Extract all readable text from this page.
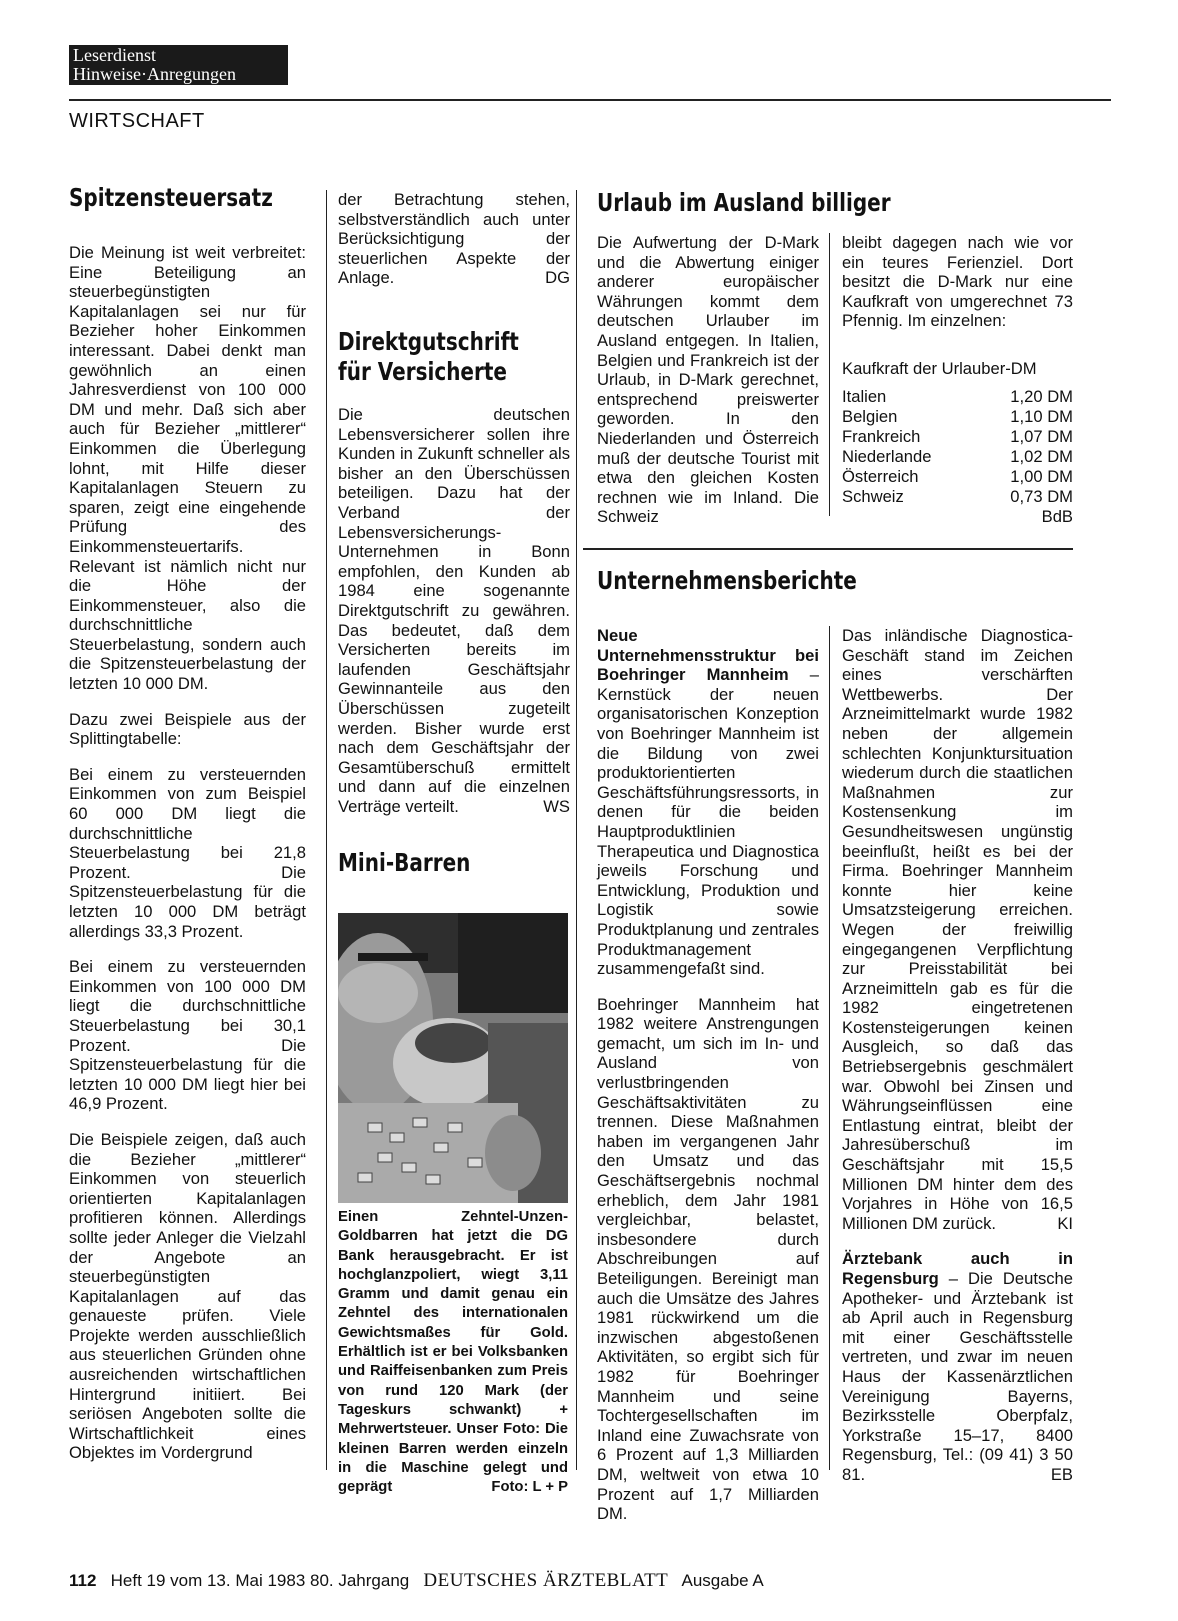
Leserdienst
Hinweise·Anregungen
WIRTSCHAFT
Spitzensteuersatz

Die Meinung ist weit verbreitet: Eine Beteiligung an steuerbegünstigten Kapitalanlagen sei nur für Bezieher hoher Einkommen interessant. Dabei denkt man gewöhnlich an einen Jahresverdienst von 100 000 DM und mehr. Daß sich aber auch für Bezieher „mittlerer“ Einkommen die Überlegung lohnt, mit Hilfe dieser Kapitalanlagen Steuern zu sparen, zeigt eine eingehende Prüfung des Einkommensteuertarifs. Relevant ist nämlich nicht nur die Höhe der Einkommensteuer, also die durchschnittliche Steuerbelastung, sondern auch die Spitzensteuerbelastung der letzten 10 000 DM.

Dazu zwei Beispiele aus der Splittingtabelle:

Bei einem zu versteuernden Einkommen von zum Beispiel 60 000 DM liegt die durchschnittliche Steuerbelastung bei 21,8 Prozent. Die Spitzensteuerbelastung für die letzten 10 000 DM beträgt allerdings 33,3 Prozent.

Bei einem zu versteuernden Einkommen von 100 000 DM liegt die durchschnittliche Steuerbelastung bei 30,1 Prozent. Die Spitzensteuerbelastung für die letzten 10 000 DM liegt hier bei 46,9 Prozent.

Die Beispiele zeigen, daß auch die Bezieher „mittlerer“ Einkommen von steuerlich orientierten Kapitalanlagen profitieren können. Allerdings sollte jeder Anleger die Vielzahl der Angebote an steuerbegünstigten Kapitalanlagen auf das genaueste prüfen. Viele Projekte werden ausschließlich aus steuerlichen Gründen ohne ausreichenden wirtschaftlichen Hintergrund initiiert. Bei seriösen Angeboten sollte die Wirtschaftlichkeit eines Objektes im Vordergrund

der Betrachtung stehen, selbstverständlich auch unter Berücksichtigung der steuerlichen Aspekte der Anlage.	DG
Direktgutschrift
für Versicherte
Die deutschen Lebensversicherer sollen ihre Kunden in Zukunft schneller als bisher an den Überschüssen beteiligen. Dazu hat der Verband der Lebensversicherungs-Unternehmen in Bonn empfohlen, den Kunden ab 1984 eine sogenannte Direktgutschrift zu gewähren. Das bedeutet, daß dem Versicherten bereits im laufenden Geschäftsjahr Gewinnanteile aus den Überschüssen zugeteilt werden. Bisher wurde erst nach dem Geschäftsjahr der Gesamtüberschuß ermittelt und dann auf die einzelnen Verträge verteilt.	WS
Mini-Barren
Einen Zehntel-Unzen-Goldbarren hat jetzt die DG Bank herausgebracht. Er ist hochglanzpoliert, wiegt 3,11 Gramm und damit genau ein Zehntel des internationalen Gewichtsmaßes für Gold. Erhältlich ist er bei Volksbanken und Raiffeisenbanken zum Preis von rund 120 Mark (der Tageskurs schwankt) + Mehrwertsteuer. Unser Foto: Die kleinen Barren werden einzeln in die Maschine gelegt und geprägt	Foto: L + P
Urlaub im Ausland billiger
Die Aufwertung der D-Mark und die Abwertung einiger anderer europäischer Währungen kommt dem deutschen Urlauber im Ausland entgegen. In Italien, Belgien und Frankreich ist der Urlaub, in D-Mark gerechnet, entsprechend preiswerter geworden. In den Niederlanden und Österreich muß der deutsche Tourist mit etwa den gleichen Kosten rechnen wie im Inland. Die Schweiz
bleibt dagegen nach wie vor ein teures Ferienziel. Dort besitzt die D-Mark nur eine Kaufkraft von umgerechnet 73 Pfennig. Im einzelnen:
Kaufkraft der Urlauber-DM
Italien	1,20 DM
Belgien	1,10 DM
Frankreich	1,07 DM
Niederlande	1,02 DM
Österreich	1,00 DM
Schweiz	0,73 DM
BdB
Unternehmensberichte

Neue Unternehmensstruktur bei Boehringer Mannheim – Kernstück der neuen organisatorischen Konzeption von Boehringer Mannheim ist die Bildung von zwei produktorientierten Geschäftsführungsressorts, in denen für die beiden Hauptproduktlinien Therapeutica und Diagnostica jeweils Forschung und Entwicklung, Produktion und Logistik sowie Produktplanung und zentrales Produktmanagement zusammengefaßt sind.

Boehringer Mannheim hat 1982 weitere Anstrengungen gemacht, um sich im In- und Ausland von verlustbringenden Geschäftsaktivitäten zu trennen. Diese Maßnahmen haben im vergangenen Jahr den Umsatz und das Geschäftsergebnis nochmal erheblich, dem Jahr 1981 vergleichbar, belastet, insbesondere durch Abschreibungen auf Beteiligungen. Bereinigt man auch die Umsätze des Jahres 1981 rückwirkend um die inzwischen abgestoßenen Aktivitäten, so ergibt sich für 1982 für Boehringer Mannheim und seine Tochtergesellschaften im Inland eine Zuwachsrate von 6 Prozent auf 1,3 Milliarden DM, weltweit von etwa 10 Prozent auf 1,7 Milliarden DM.

Das inländische Diagnostica-Geschäft stand im Zeichen eines verschärften Wettbewerbs. Der Arzneimittelmarkt wurde 1982 neben der allgemein schlechten Konjunktursituation wiederum durch die staatlichen Maßnahmen zur Kostensenkung im Gesundheitswesen ungünstig beeinflußt, heißt es bei der Firma. Boehringer Mannheim konnte hier keine Umsatzsteigerung erreichen. Wegen der freiwillig eingegangenen Verpflichtung zur Preisstabilität bei Arzneimitteln gab es für die 1982 eingetretenen Kostensteigerungen keinen Ausgleich, so daß das Betriebsergebnis geschmälert war. Obwohl bei Zinsen und Währungseinflüssen eine Entlastung eintrat, bleibt der Jahresüberschuß im Geschäftsjahr mit 15,5 Millionen DM hinter dem des Vorjahres in Höhe von 16,5 Millionen DM zurück.	KI

Ärztebank auch in Regensburg – Die Deutsche Apotheker- und Ärztebank ist ab April auch in Regensburg mit einer Geschäftsstelle vertreten, und zwar im neuen Haus der Kassenärztlichen Vereinigung Bayerns, Bezirksstelle Oberpfalz, Yorkstraße 15–17, 8400 Regensburg, Tel.: (09 41) 3 50 81.	EB

112 Heft 19 vom 13. Mai 1983 80. Jahrgang DEUTSCHES ÄRZTEBLATT Ausgabe A
